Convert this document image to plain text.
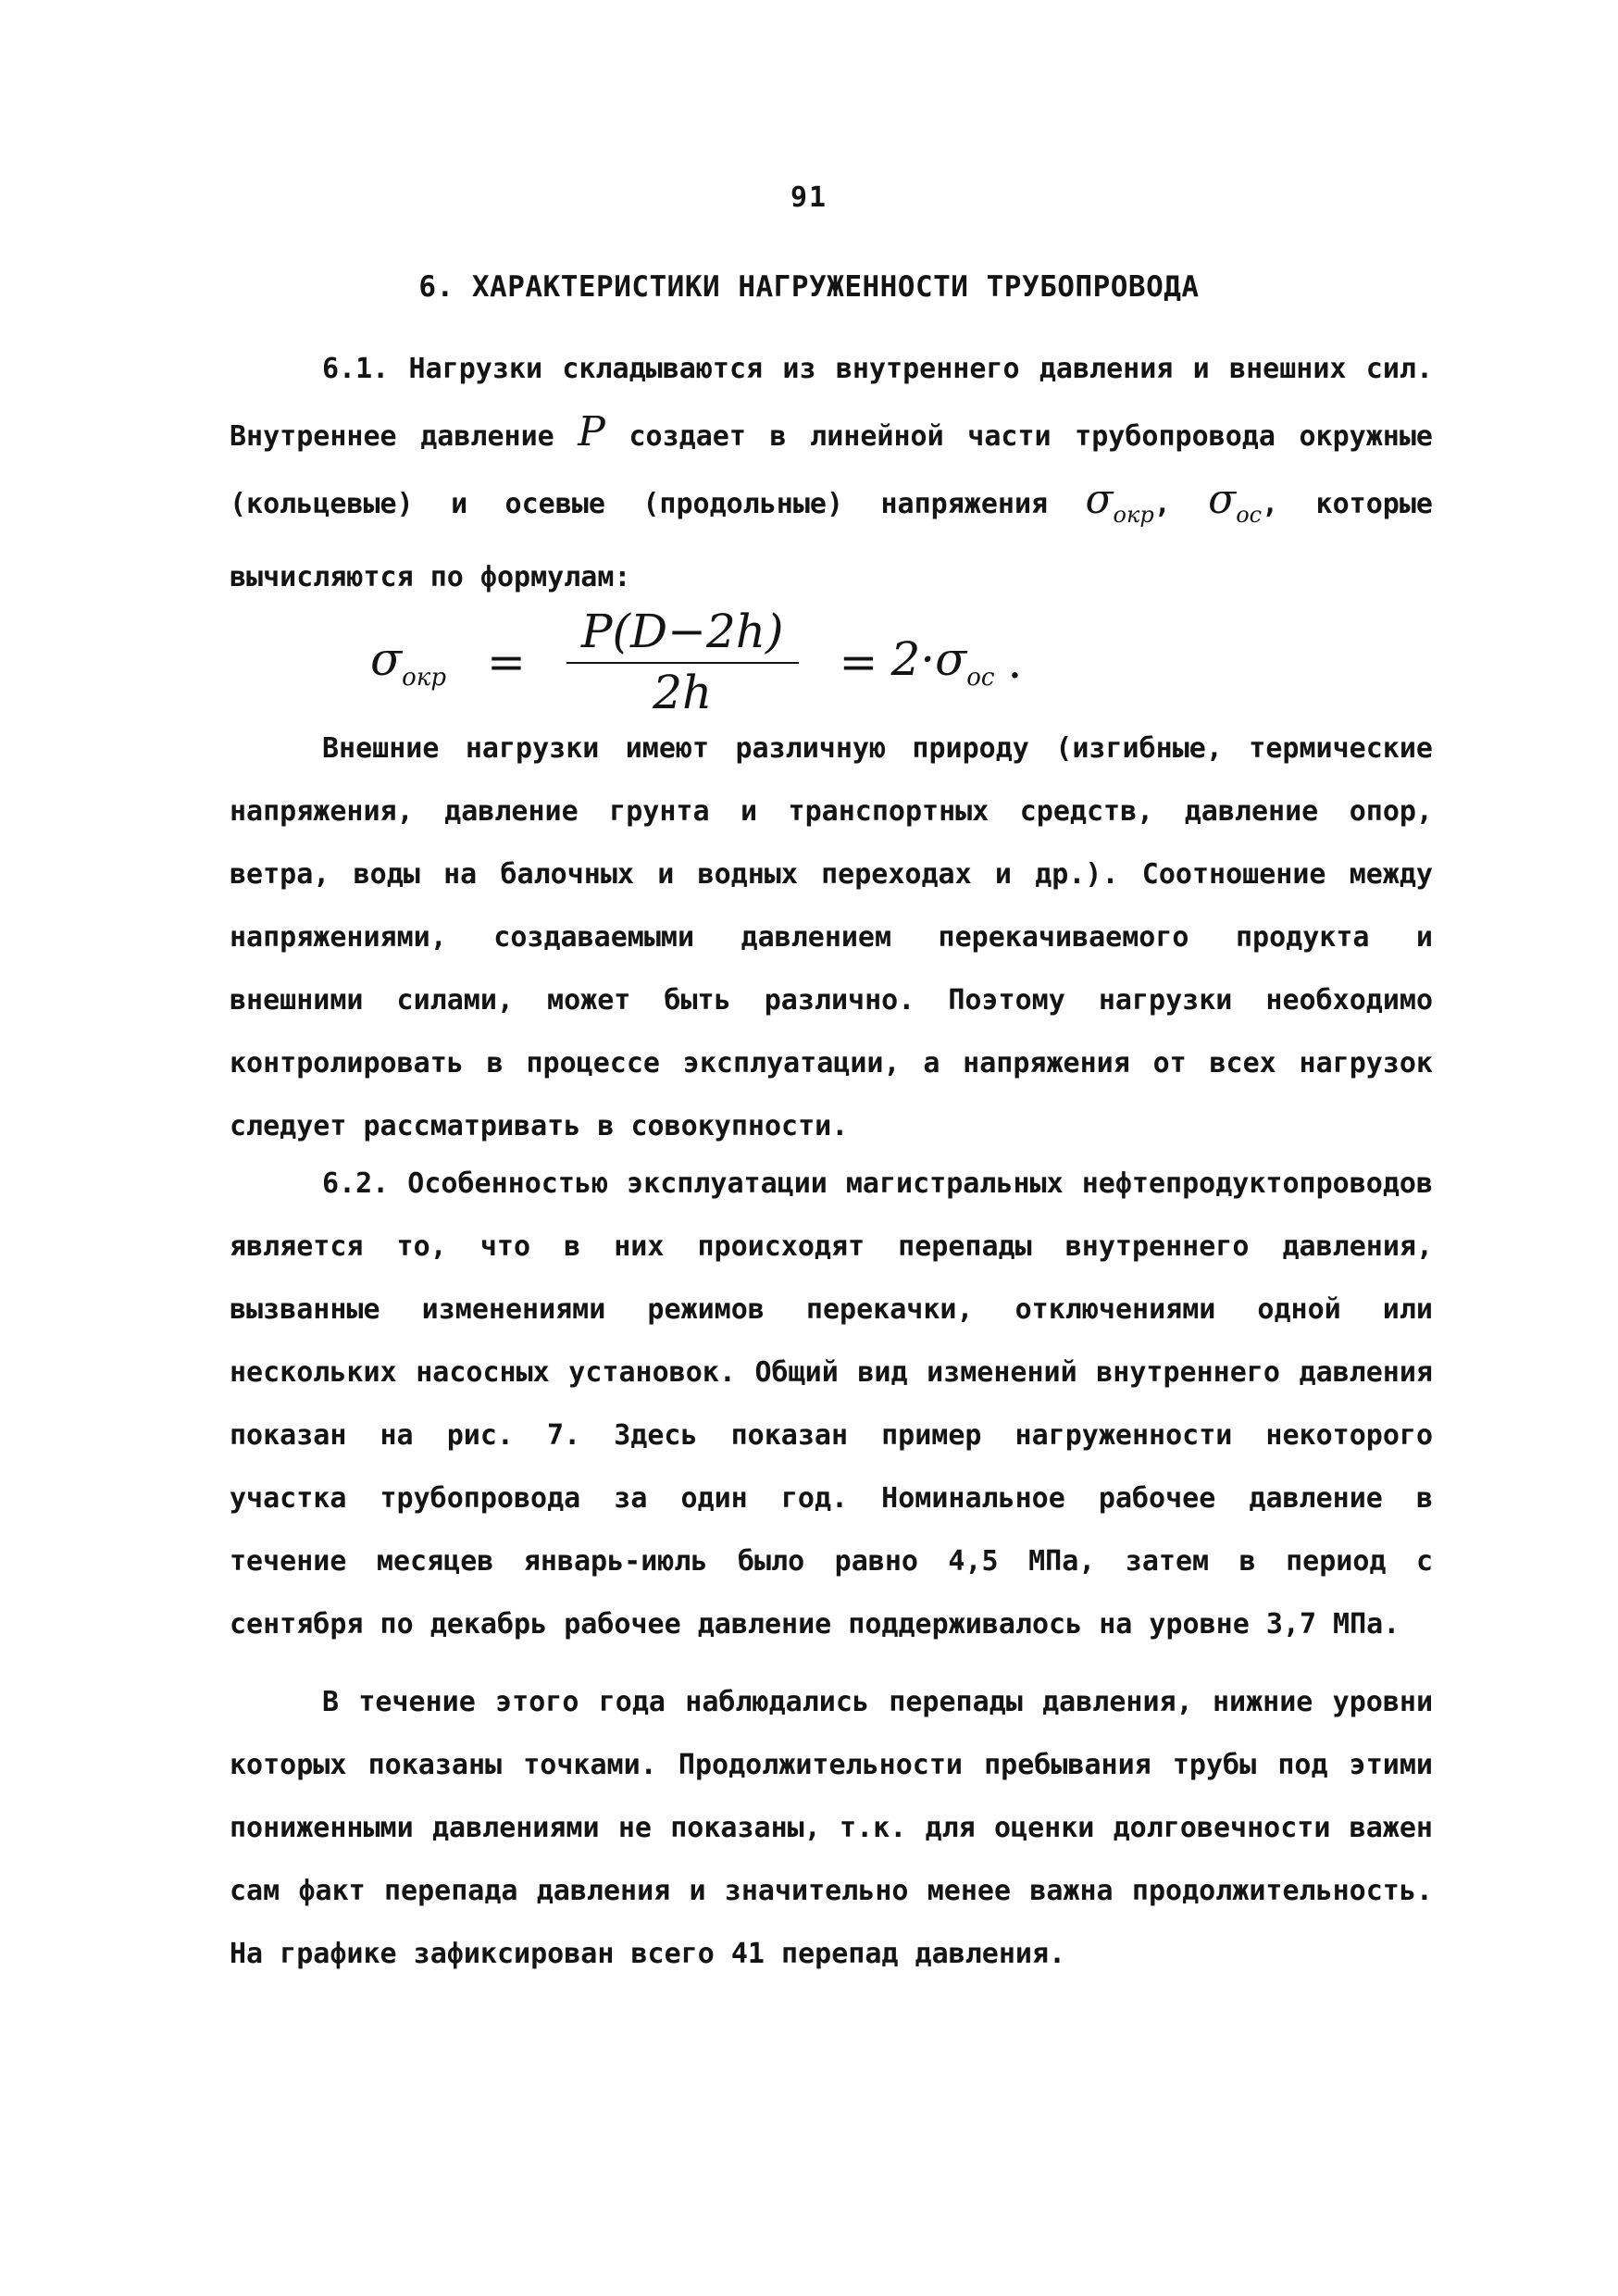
91
6. ХАРАКТЕРИСТИКИ НАГРУЖЕННОСТИ ТРУБОПРОВОДА

6.1. Нагрузки складываются из внутреннего давления и внешних сил. Внутреннее давление P создает в линейной части трубопровода окружные (кольцевые) и осевые (продольные) напряжения $\sigma_{окр}$, $\sigma_{ос}$, которые вычисляются по формулам:

$\sigma_{окр} = \frac{P(D-2h)}{2h} = 2\cdot\sigma_{ос}$ .

Внешние нагрузки имеют различную природу (изгибные, термические напряжения, давление грунта и транспортных средств, давление опор, ветра, воды на балочных и водных переходах и др.). Соотношение между напряжениями, создаваемыми давлением перекачиваемого продукта и внешними силами, может быть различно. Поэтому нагрузки необходимо контролировать в процессе эксплуатации, а напряжения от всех нагрузок следует рассматривать в совокупности.

6.2. Особенностью эксплуатации магистральных нефтепродуктопроводов является то, что в них происходят перепады внутреннего давления, вызванные изменениями режимов перекачки, отключениями одной или нескольких насосных установок. Общий вид изменений внутреннего давления показан на рис. 7. Здесь показан пример нагруженности некоторого участка трубопровода за один год. Номинальное рабочее давление в течение месяцев январь-июль было равно 4,5 МПа, затем в период с сентября по декабрь рабочее давление поддерживалось на уровне 3,7 МПа.

В течение этого года наблюдались перепады давления, нижние уровни которых показаны точками. Продолжительности пребывания трубы под этими пониженными давлениями не показаны, т.к. для оценки долговечности важен сам факт перепада давления и значительно менее важна продолжительность. На графике зафиксирован всего 41 перепад давления.
